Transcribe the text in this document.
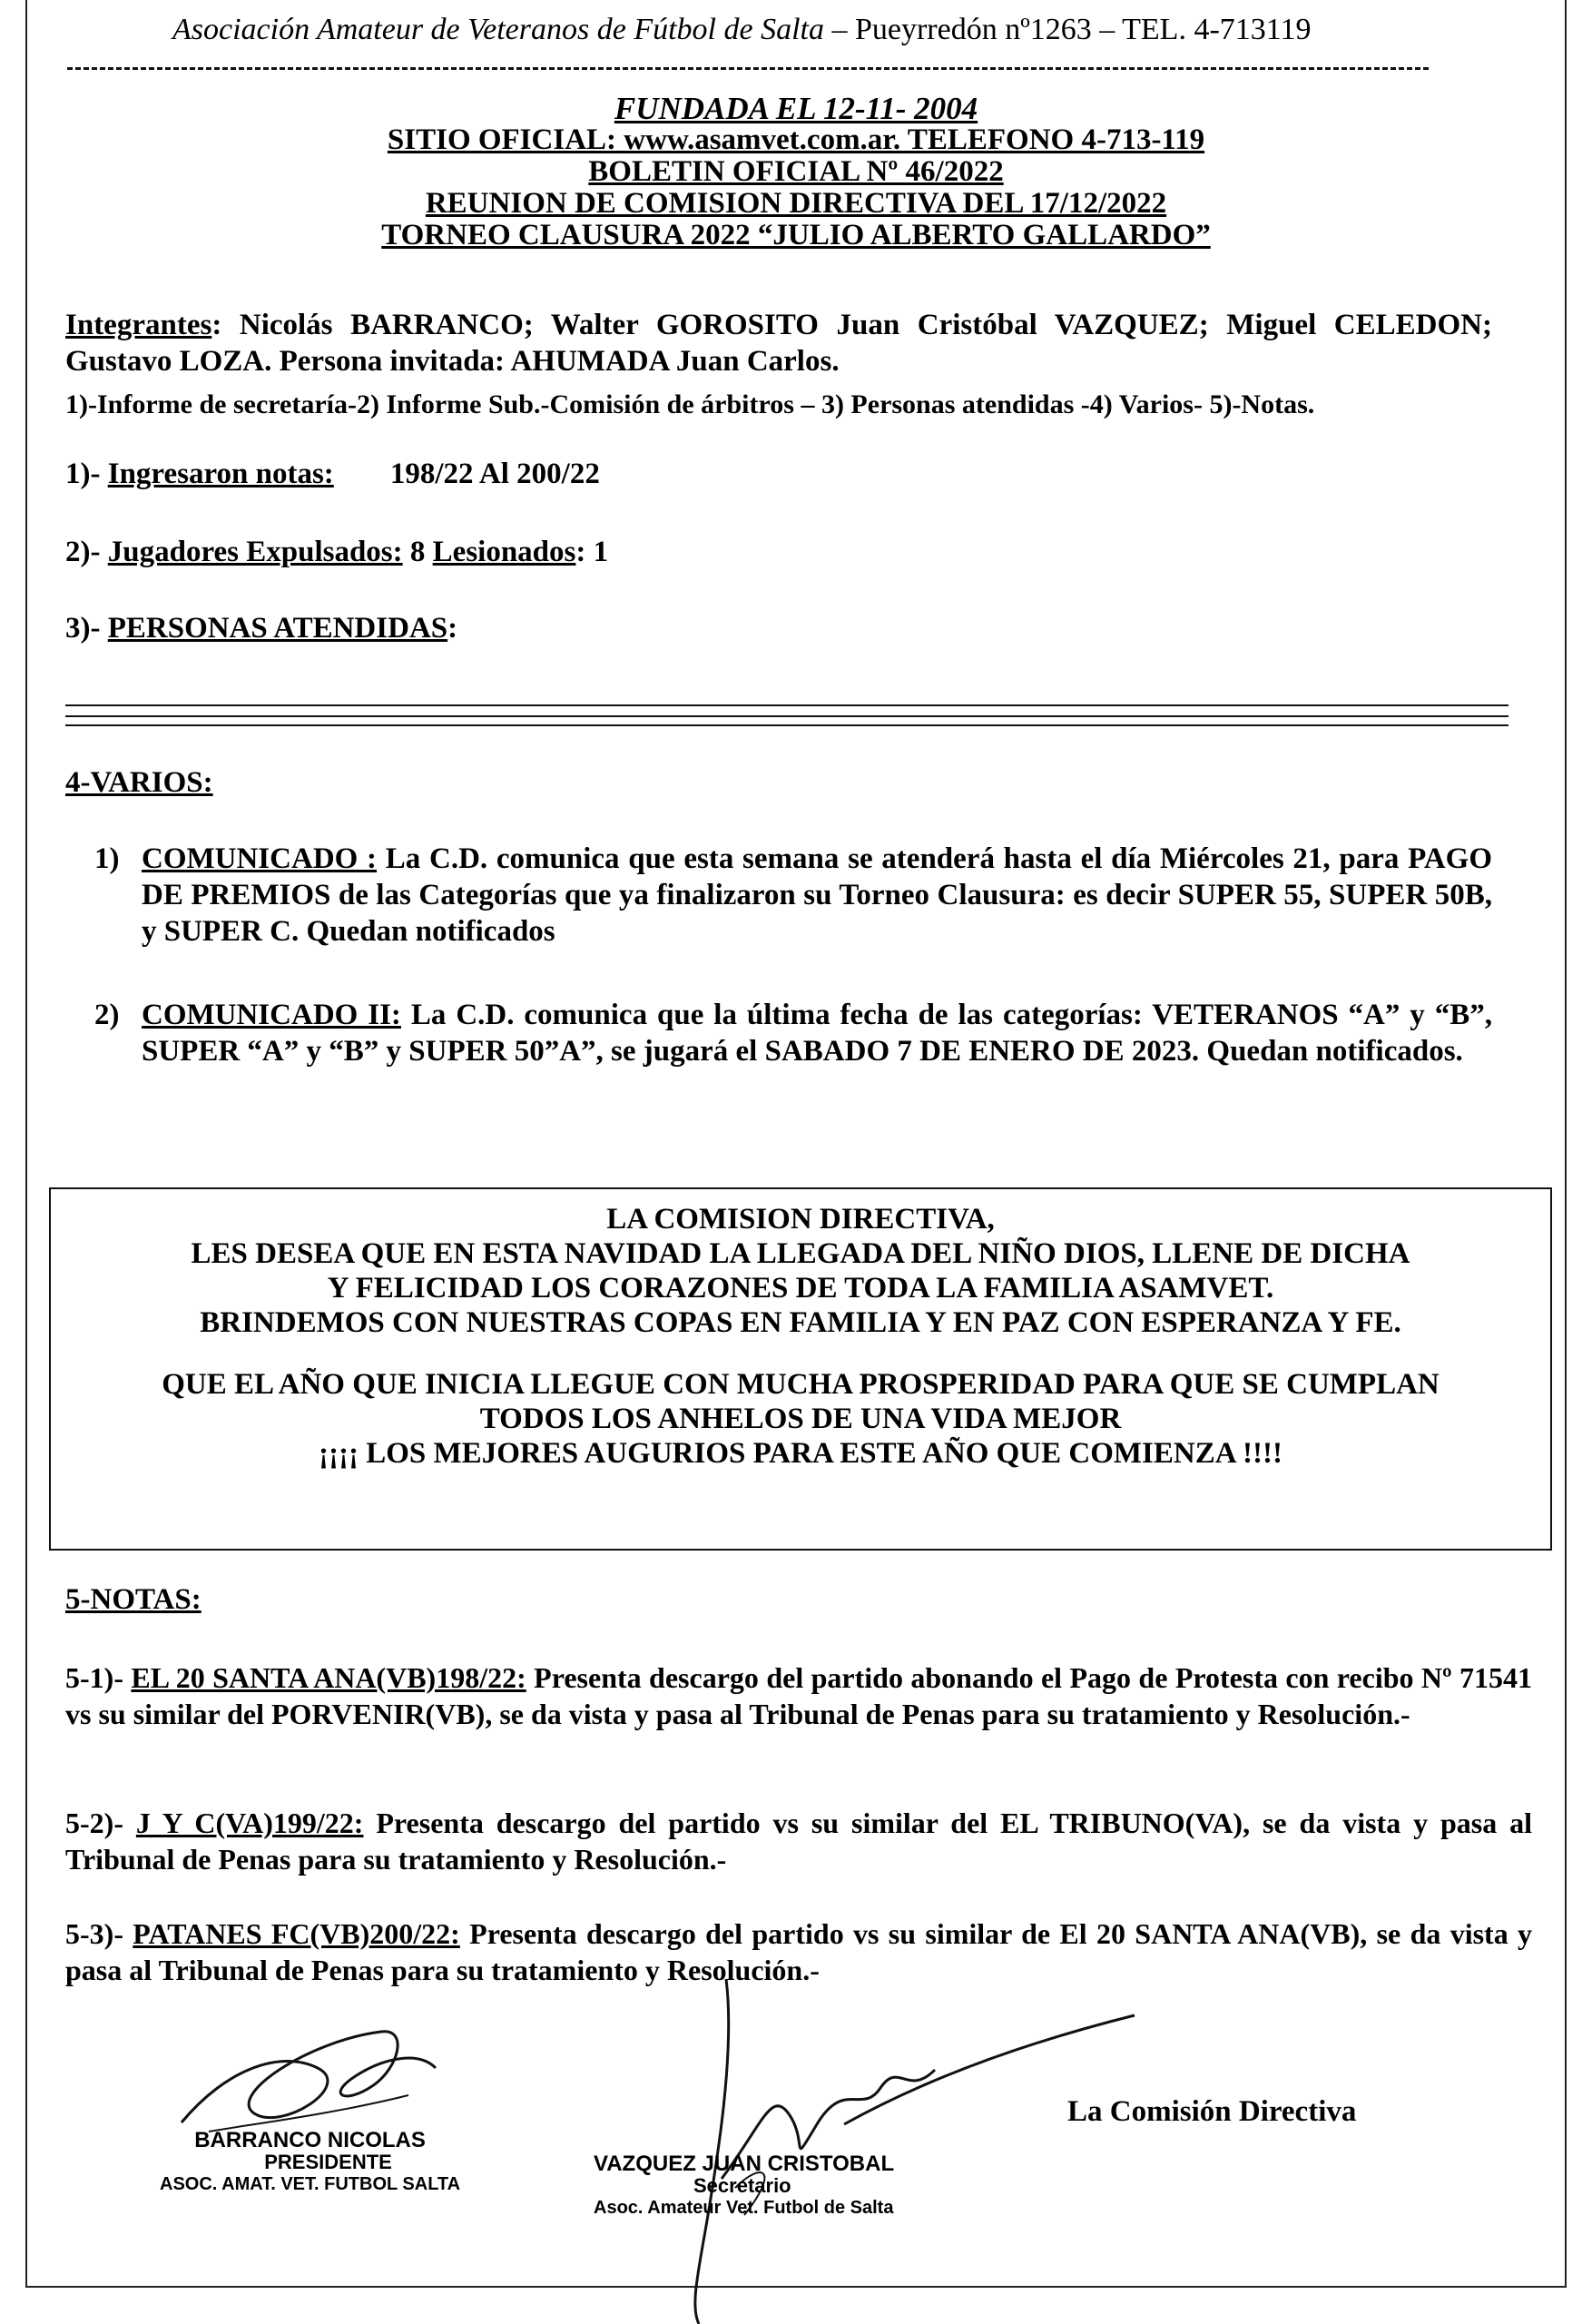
Asociación Amateur de Veteranos de Fútbol de Salta – Pueyrredón nº1263 – TEL. 4-713119
FUNDADA EL 12-11- 2004
SITIO OFICIAL: www.asamvet.com.ar. TELEFONO 4-713-119
BOLETIN OFICIAL Nº 46/2022
REUNION DE COMISION DIRECTIVA DEL 17/12/2022
TORNEO CLAUSURA 2022 “JULIO ALBERTO GALLARDO”
Integrantes: Nicolás BARRANCO; Walter GOROSITO Juan Cristóbal VAZQUEZ; Miguel CELEDON; Gustavo LOZA. Persona invitada: AHUMADA Juan Carlos.
1)-Informe de secretaría-2) Informe Sub.-Comisión de árbitros – 3) Personas atendidas -4) Varios- 5)-Notas.
1)- Ingresaron notas: 198/22 Al 200/22
2)- Jugadores Expulsados: 8 Lesionados: 1
3)- PERSONAS ATENDIDAS:
4-VARIOS:
1) COMUNICADO : La C.D. comunica que esta semana se atenderá hasta el día Miércoles 21, para PAGO DE PREMIOS de las Categorías que ya finalizaron su Torneo Clausura: es decir SUPER 55, SUPER 50B, y SUPER C. Quedan notificados
2) COMUNICADO II: La C.D. comunica que la última fecha de las categorías: VETERANOS “A” y “B”, SUPER “A” y “B” y SUPER 50”A”, se jugará el SABADO 7 DE ENERO DE 2023. Quedan notificados.
LA COMISION DIRECTIVA,
LES DESEA QUE EN ESTA NAVIDAD LA LLEGADA DEL NIÑO DIOS, LLENE DE DICHA
Y FELICIDAD LOS CORAZONES DE TODA LA FAMILIA ASAMVET.
BRINDEMOS CON NUESTRAS COPAS EN FAMILIA Y EN PAZ CON ESPERANZA Y FE.
QUE EL AÑO QUE INICIA LLEGUE CON MUCHA PROSPERIDAD PARA QUE SE CUMPLAN
TODOS LOS ANHELOS DE UNA VIDA MEJOR
¡¡¡¡ LOS MEJORES AUGURIOS PARA ESTE AÑO QUE COMIENZA !!!!
5-NOTAS:
5-1)- EL 20 SANTA ANA(VB)198/22: Presenta descargo del partido abonando el Pago de Protesta con recibo Nº 71541 vs su similar del PORVENIR(VB), se da vista y pasa al Tribunal de Penas para su tratamiento y Resolución.-
5-2)- J Y C(VA)199/22: Presenta descargo del partido vs su similar del EL TRIBUNO(VA), se da vista y pasa al Tribunal de Penas para su tratamiento y Resolución.-
5-3)- PATANES FC(VB)200/22: Presenta descargo del partido vs su similar de El 20 SANTA ANA(VB), se da vista y pasa al Tribunal de Penas para su tratamiento y Resolución.-
BARRANCO NICOLAS
PRESIDENTE
ASOC. AMAT. VET. FUTBOL SALTA
VAZQUEZ JUAN CRISTOBAL
Secretario
Asoc. Amateur Vet. Futbol de Salta
La Comisión Directiva
